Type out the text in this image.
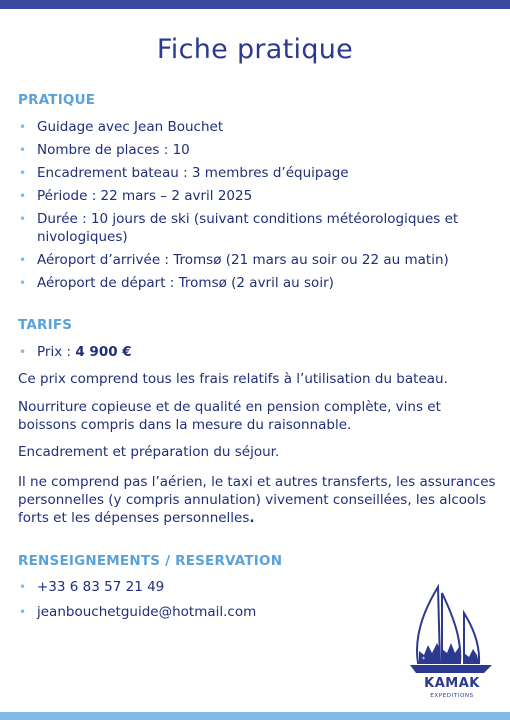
Fiche pratique
PRATIQUE
• Guidage avec Jean Bouchet
• Nombre de places : 10
• Encadrement bateau : 3 membres d’équipage
• Période : 22 mars – 2 avril 2025
• Durée : 10 jours de ski (suivant conditions météorologiques et nivologiques)
• Aéroport d’arrivée : Tromsø (21 mars au soir ou 22 au matin)
• Aéroport de départ : Tromsø (2 avril au soir)
TARIFS
• Prix : 4 900 €

Ce prix comprend tous les frais relatifs à l’utilisation du bateau.

Nourriture copieuse et de qualité en pension complète, vins et boissons compris dans la mesure du raisonnable.

Encadrement et préparation du séjour.

Il ne comprend pas l’aérien, le taxi et autres transferts, les assurances personnelles (y compris annulation) vivement conseillées, les alcools forts et les dépenses personnelles.

RENSEIGNEMENTS / RESERVATION
• +33 6 83 57 21 49
• jeanbouchetguide@hotmail.com
*
KAMAK
EXPEDITIONS
